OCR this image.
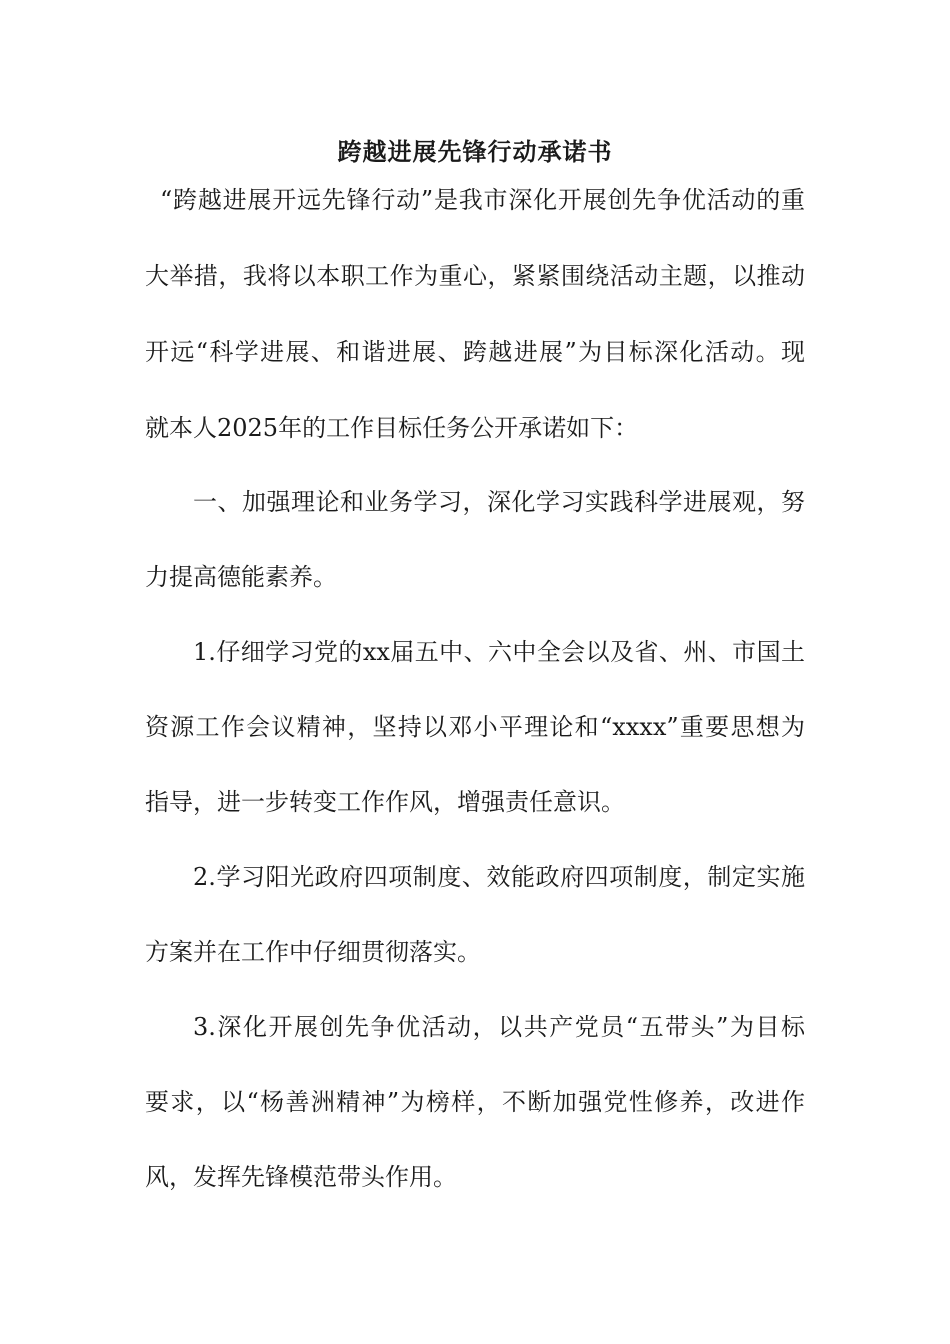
跨越进展先锋行动承诺书
“跨越进展开远先锋行动”是我市深化开展创先争优活动的重
大举措，我将以本职工作为重心，紧紧围绕活动主题，以推动
开远“科学进展、和谐进展、跨越进展”为目标深化活动。现
就本人2025年的工作目标任务公开承诺如下：
一、加强理论和业务学习，深化学习实践科学进展观，努
力提高德能素养。
1.仔细学习党的xx届五中、六中全会以及省、州、市国土
资源工作会议精神，坚持以邓小平理论和“xxxx”重要思想为
指导，进一步转变工作作风，增强责任意识。
2.学习阳光政府四项制度、效能政府四项制度，制定实施
方案并在工作中仔细贯彻落实。
3.深化开展创先争优活动，以共产党员“五带头”为目标
要求，以“杨善洲精神”为榜样，不断加强党性修养，改进作
风，发挥先锋模范带头作用。
